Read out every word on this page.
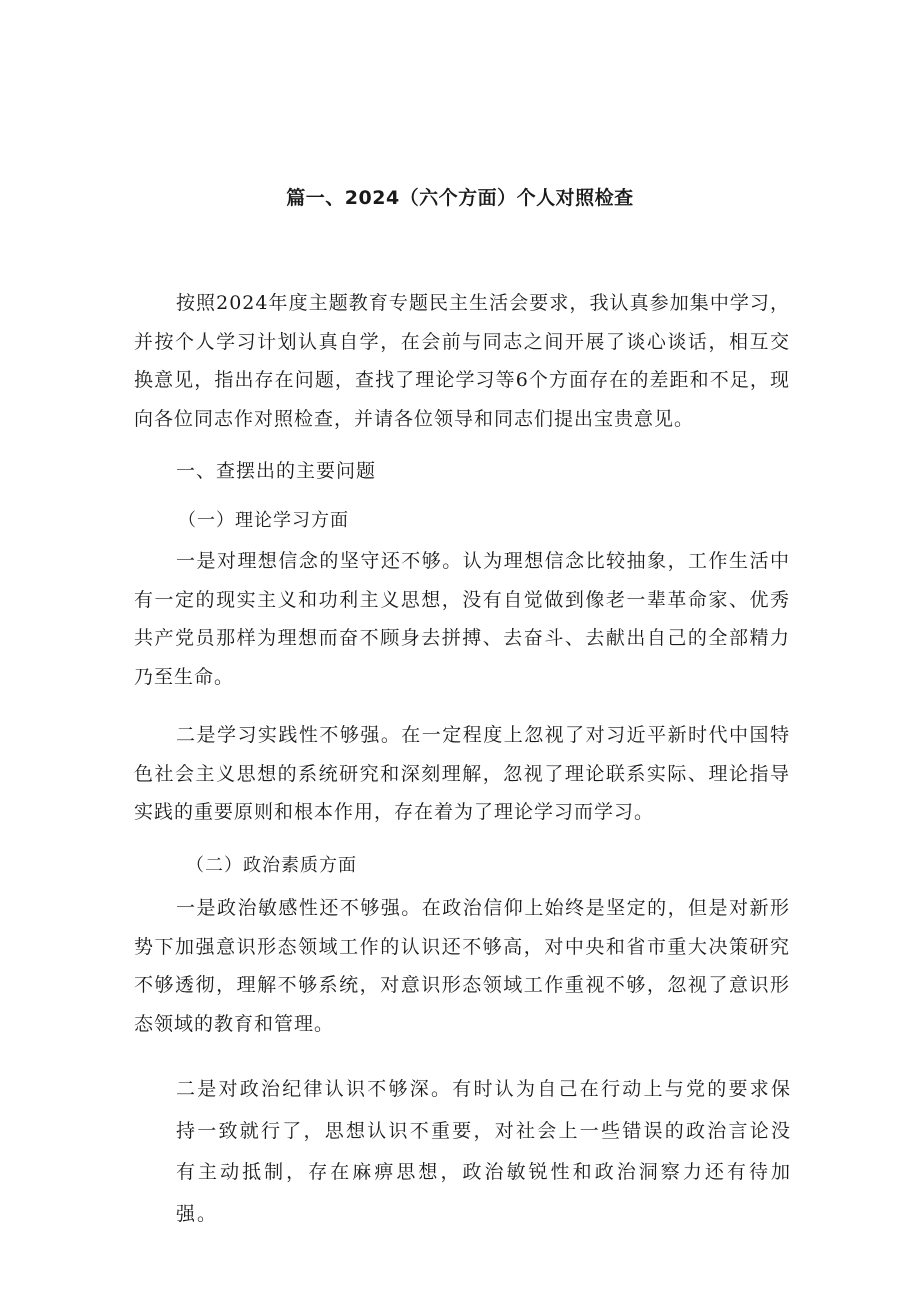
篇一、2024（六个方面）个人对照检查

按照2024年度主题教育专题民主生活会要求，我认真参加集中学习，并按个人学习计划认真自学，在会前与同志之间开展了谈心谈话，相互交换意见，指出存在问题，查找了理论学习等6个方面存在的差距和不足，现向各位同志作对照检查，并请各位领导和同志们提出宝贵意见。

一、查摆出的主要问题
（一）理论学习方面

一是对理想信念的坚守还不够。认为理想信念比较抽象，工作生活中有一定的现实主义和功利主义思想，没有自觉做到像老一辈革命家、优秀共产党员那样为理想而奋不顾身去拼搏、去奋斗、去献出自己的全部精力乃至生命。

二是学习实践性不够强。在一定程度上忽视了对习近平新时代中国特色社会主义思想的系统研究和深刻理解，忽视了理论联系实际、理论指导实践的重要原则和根本作用，存在着为了理论学习而学习。

（二）政治素质方面

一是政治敏感性还不够强。在政治信仰上始终是坚定的，但是对新形势下加强意识形态领域工作的认识还不够高，对中央和省市重大决策研究不够透彻，理解不够系统，对意识形态领域工作重视不够，忽视了意识形态领域的教育和管理。

二是对政治纪律认识不够深。有时认为自己在行动上与党的要求保持一致就行了，思想认识不重要，对社会上一些错误的政治言论没有主动抵制，存在麻痹思想，政治敏锐性和政治洞察力还有待加强。
